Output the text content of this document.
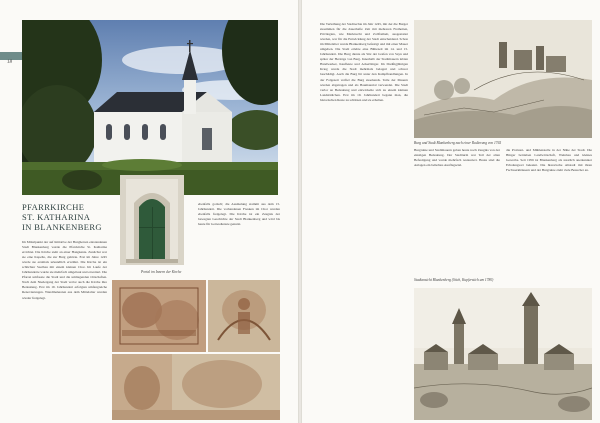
18
PFARRKIRCHE
ST. KATHARINA
IN BLANKENBERG
Portal im Innern der Kirche

Im Mittelpunkt der auf Initiative der Burgherren entstandenen Stadt Blankenberg wurde die Pfarrkirche St. Katharina errichtet. Die Kirche steht an einer Hangkante. Zunächst war sie eine Kapelle, die zur Burg gehörte. Erst im Jahre 1245 wurde sie erstmals urkundlich erwähnt. Die Kirche ist ein schlichter Saalbau mit einem kleinen Chor. Im Laufe der Jahrhunderte wurde sie mehrfach umgebaut und erweitert. Die Pfarrei umfasste die Stadt und die umliegenden Ortschaften. Nach dem Niedergang der Stadt verlor auch die Kirche ihre Bedeutung. Erst im 19. Jahrhundert erfolgten umfangreiche Renovierungen. Wandmalereien aus dem Mittelalter wurden wieder freigelegt.

ebenfalls gotisch; die Ausmalung stammt aus dem 15. Jahrhundert. Die vorhandenen Fresken im Chor wurden ebenfalls freigelegt. Die Kirche ist ein Zeugnis der bewegten Geschichte der Stadt Blankenberg und wird bis heute für Gottesdienste genutzt.

Die Verleihung der Stadtrechte im Jahr 1245, mit der die Burger zusammen für die dauerhafte Zeit mit mehreren Freiheiten, Privilegien, wie Marktrecht und Zollfreiheit, ausgestattet wurden, war für die Entwicklung der Stadt entscheidend. Schon im Mittelalter wurde Blankenberg befestigt und mit einer Mauer umgeben. Die Stadt erlebte eine Blütezeit im 14. und 15. Jahrhundert. Die Burg diente als Sitz der Grafen von Sayn und später der Herzöge von Berg. Innerhalb der Stadtmauern lebten Handwerker, Kaufleute und Ackerbürger. Im Dreißigjährigen Krieg wurde die Stadt mehrmals belagert und schwer beschädigt. Auch die Burg litt unter den Kampfhandlungen. In der Folgezeit verfiel die Burg zusehends. Teile der Mauern wurden abgetragen und als Baumaterial verwendet. Die Stadt verlor an Bedeutung und entwickelte sich zu einem kleinen Landstädtchen. Erst im 19. Jahrhundert begann man, die historischen Reste zu schätzen und zu erhalten.

Burg und Stadt Blankenberg nach einer Radierung von 1765

Burgruine und Stadtmauern geben heute noch Zeugnis von der einstigen Bedeutung. Der Stadtturm war Teil der alten Befestigung und wurde mehrfach restauriert. Heute sind die Anlagen ein beliebtes Ausflugsziel.

die Probstei- und Mühlenstelle in der Nähe der Stadt. Die Bürger betrieben Landwirtschaft, Weinbau und kleines Gewerbe. Seit 1956 ist Blankenberg als staatlich anerkannter Erholungsort bekannt. Die historische Altstadt mit ihren Fachwerkhäusern und der Burgruine zieht viele Besucher an.

Stadtansicht Blankenberg (Stich, Kupferstich um 1780)
